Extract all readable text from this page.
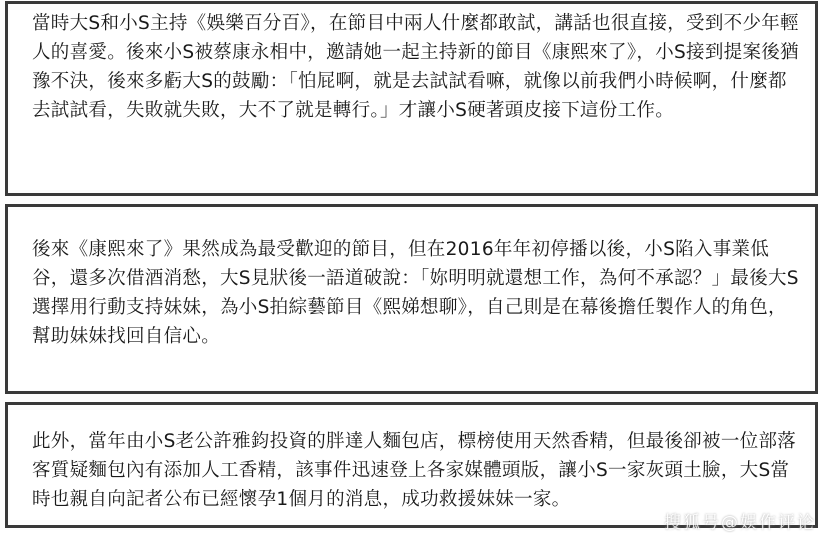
當時大S和小S主持《娛樂百分百》，在節目中兩人什麼都敢試，講話也很直接，受到不少年輕人的喜愛。後來小S被蔡康永相中，邀請她一起主持新的節目《康熙來了》，小S接到提案後猶豫不決，後來多虧大S的鼓勵：「怕屁啊，就是去試試看嘛，就像以前我們小時候啊，什麼都去試試看，失敗就失敗，大不了就是轉行。」才讓小S硬著頭皮接下這份工作。

後來《康熙來了》果然成為最受歡迎的節目，但在2016年年初停播以後，小S陷入事業低谷，還多次借酒消愁，大S見狀後一語道破說：「妳明明就還想工作，為何不承認？」最後大S選擇用行動支持妹妹，為小S拍綜藝節目《熙娣想聊》，自己則是在幕後擔任製作人的角色，幫助妹妹找回自信心。

此外，當年由小S老公許雅鈞投資的胖達人麵包店，標榜使用天然香精，但最後卻被一位部落客質疑麵包內有添加人工香精，該事件迅速登上各家媒體頭版，讓小S一家灰頭土臉，大S當時也親自向記者公布已經懷孕1個月的消息，成功救援妹妹一家。

搜狐号@娱作评论
